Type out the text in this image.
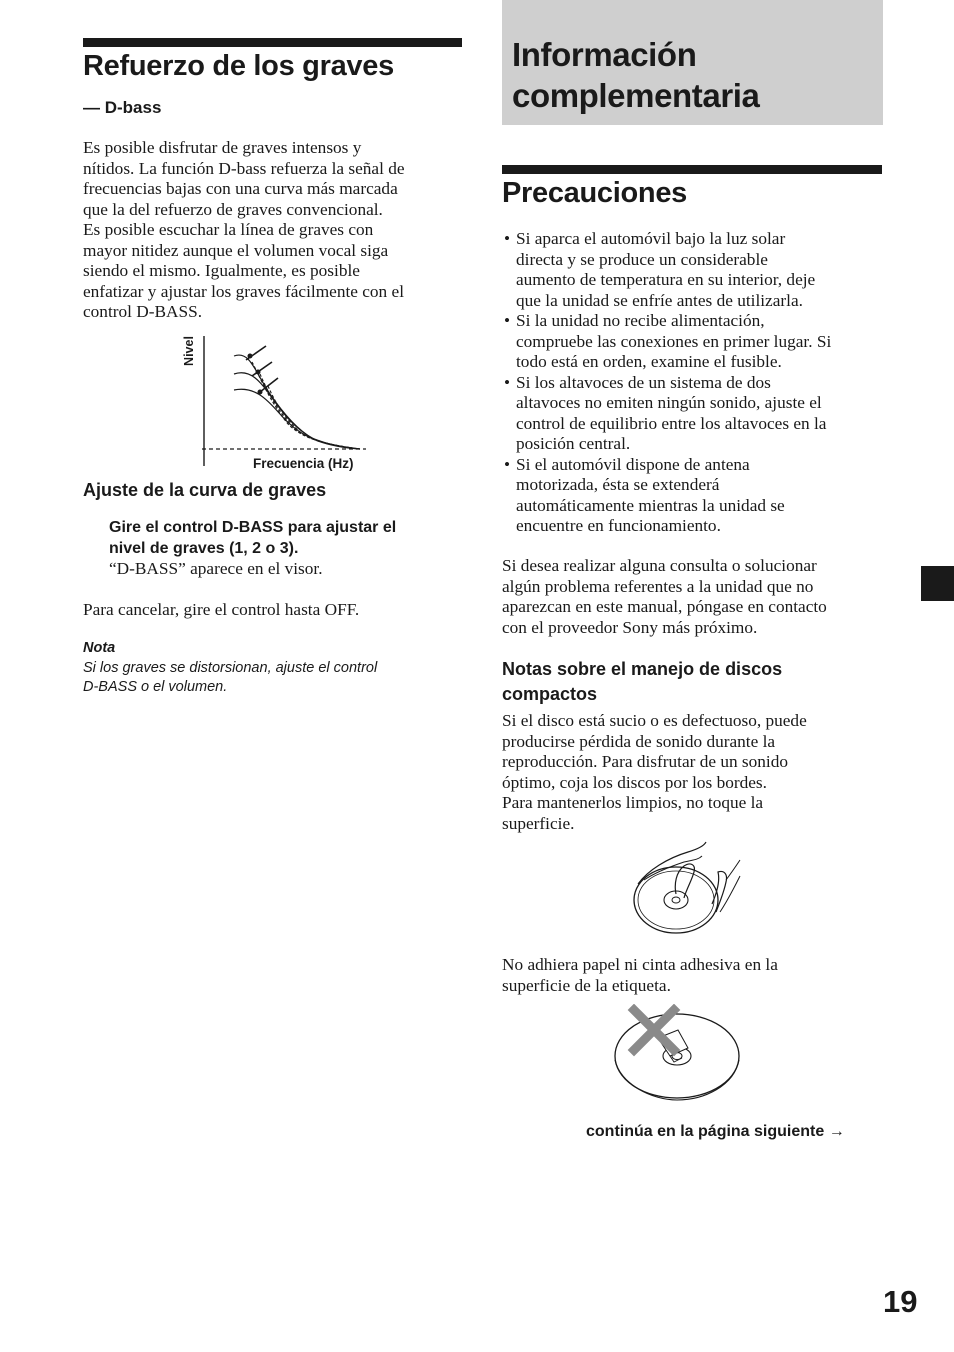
Refuerzo de los graves
— D-bass
Es posible disfrutar de graves intensos y
nítidos. La función D-bass refuerza la señal de
frecuencias bajas con una curva más marcada
que la del refuerzo de graves convencional.
Es posible escuchar la línea de graves con
mayor nitidez aunque el volumen vocal siga
siendo el mismo. Igualmente, es posible
enfatizar y ajustar los graves fácilmente con el
control D-BASS.
Nivel
Frecuencia (Hz)
Ajuste de la curva de graves
Gire el control D-BASS para ajustar el
nivel de graves (1, 2 o 3).
“D-BASS” aparece en el visor.
Para cancelar, gire el control hasta OFF.
Nota
Si los graves se distorsionan, ajuste el control
D-BASS o el volumen.
Información
complementaria
Precauciones
• Si aparca el automóvil bajo la luz solar
directa y se produce un considerable
aumento de temperatura en su interior, deje
que la unidad se enfríe antes de utilizarla.
• Si la unidad no recibe alimentación,
compruebe las conexiones en primer lugar. Si
todo está en orden, examine el fusible.
• Si los altavoces de un sistema de dos
altavoces no emiten ningún sonido, ajuste el
control de equilibrio entre los altavoces en la
posición central.
• Si el automóvil dispone de antena
motorizada, ésta se extenderá
automáticamente mientras la unidad se
encuentre en funcionamiento.
Si desea realizar alguna consulta o solucionar
algún problema referentes a la unidad que no
aparezcan en este manual, póngase en contacto
con el proveedor Sony más próximo.
Notas sobre el manejo de discos
compactos
Si el disco está sucio o es defectuoso, puede
producirse pérdida de sonido durante la
reproducción. Para disfrutar de un sonido
óptimo, coja los discos por los bordes.
Para mantenerlos limpios, no toque la
superficie.
No adhiera papel ni cinta adhesiva en la
superficie de la etiqueta.
continúa en la página siguiente →
19
